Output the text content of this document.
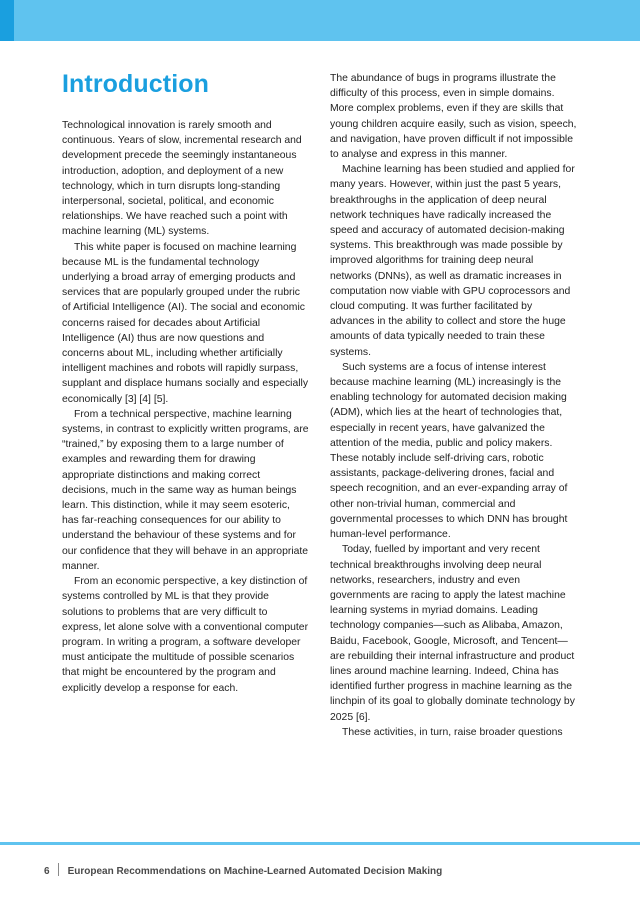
Introduction

Technological innovation is rarely smooth and continuous. Years of slow, incremental research and development precede the seemingly instantaneous introduction, adoption, and deployment of a new technology, which in turn disrupts long-standing interpersonal, societal, political, and economic relationships. We have reached such a point with machine learning (ML) systems.

This white paper is focused on machine learning because ML is the fundamental technology underlying a broad array of emerging products and services that are popularly grouped under the rubric of Artificial Intelligence (AI). The social and economic concerns raised for decades about Artificial Intelligence (AI) thus are now questions and concerns about ML, including whether artificially intelligent machines and robots will rapidly surpass, supplant and displace humans socially and especially economically [3] [4] [5].

From a technical perspective, machine learning systems, in contrast to explicitly written programs, are “trained,” by exposing them to a large number of examples and rewarding them for drawing appropriate distinctions and making correct decisions, much in the same way as human beings learn. This distinction, while it may seem esoteric, has far-reaching consequences for our ability to understand the behaviour of these systems and for our confidence that they will behave in an appropriate manner.

From an economic perspective, a key distinction of systems controlled by ML is that they provide solutions to problems that are very difficult to express, let alone solve with a conventional computer program. In writing a program, a software developer must anticipate the multitude of possible scenarios that might be encountered by the program and explicitly develop a response for each.

The abundance of bugs in programs illustrate the difficulty of this process, even in simple domains. More complex problems, even if they are skills that young children acquire easily, such as vision, speech, and navigation, have proven difficult if not impossible to analyse and express in this manner.

Machine learning has been studied and applied for many years. However, within just the past 5 years, breakthroughs in the application of deep neural network techniques have radically increased the speed and accuracy of automated decision-making systems. This breakthrough was made possible by improved algorithms for training deep neural networks (DNNs), as well as dramatic increases in computation now viable with GPU coprocessors and cloud computing. It was further facilitated by advances in the ability to collect and store the huge amounts of data typically needed to train these systems.

Such systems are a focus of intense interest because machine learning (ML) increasingly is the enabling technology for automated decision making (ADM), which lies at the heart of technologies that, especially in recent years, have galvanized the attention of the media, public and policy makers. These notably include self-driving cars, robotic assistants, package-delivering drones, facial and speech recognition, and an ever-expanding array of other non-trivial human, commercial and governmental processes to which DNN has brought human-level performance.

Today, fuelled by important and very recent technical breakthroughs involving deep neural networks, researchers, industry and even governments are racing to apply the latest machine learning systems in myriad domains. Leading technology companies—such as Alibaba, Amazon, Baidu, Facebook, Google, Microsoft, and Tencent—are rebuilding their internal infrastructure and product lines around machine learning. Indeed, China has identified further progress in machine learning as the linchpin of its goal to globally dominate technology by 2025 [6].

These activities, in turn, raise broader questions

6 European Recommendations on Machine-Learned Automated Decision Making
